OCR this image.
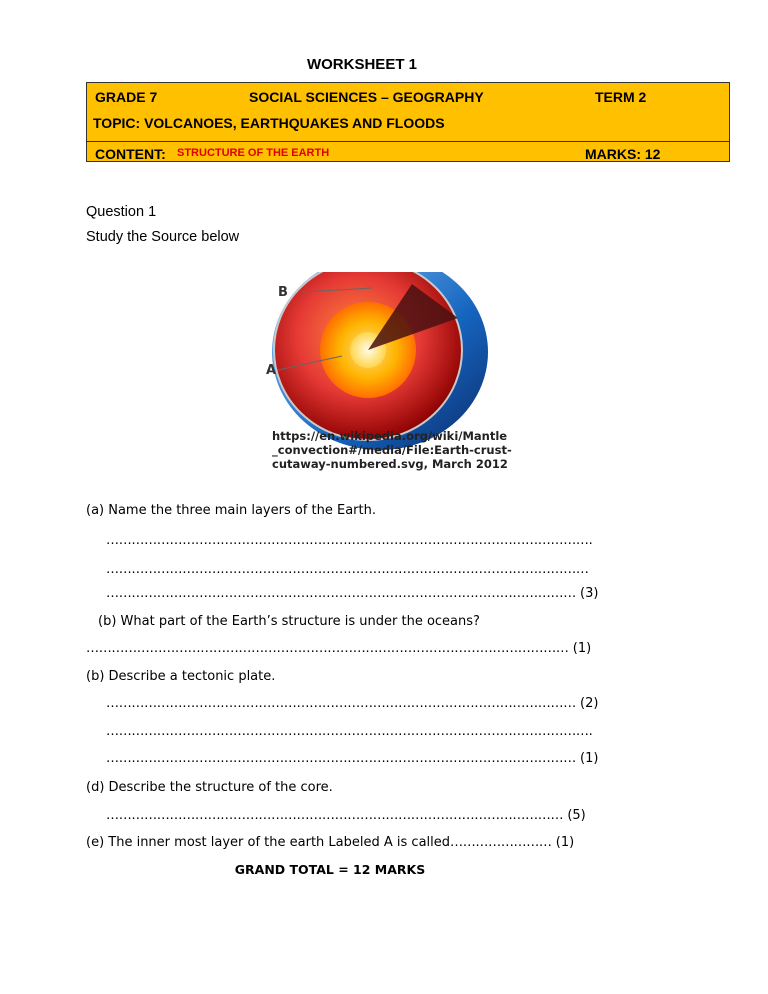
WORKSHEET 1
GRADE 7	SOCIAL SCIENCES – GEOGRAPHY	TERM 2
TOPIC: VOLCANOES, EARTHQUAKES AND FLOODS
CONTENT: STRUCTURE OF THE EARTH	MARKS: 12
Question 1
Study the Source below
B
A
https://en.wikipedia.org/wiki/Mantle
_convection#/media/File:Earth-crust-
cutaway-numbered.svg, March 2012
(a) Name the three main layers of the Earth.
…………………………………………………………………………………………………….
……………………………………………………………………………………………………
………………………………………………………………………………………………… (3)
(b) What part of the Earth’s structure is under the oceans?
…………………………………………………………………………………………………… (1)
(b) Describe a tectonic plate.
………………………………………………………………………………………………… (2)
…………………………………………………………………………………………………….
………………………………………………………………………………………………… (1)
(d) Describe the structure of the core.
……………………………………………………………………………………………… (5)
(e) The inner most layer of the earth Labeled A is called…………………… (1)
GRAND TOTAL = 12 MARKS
